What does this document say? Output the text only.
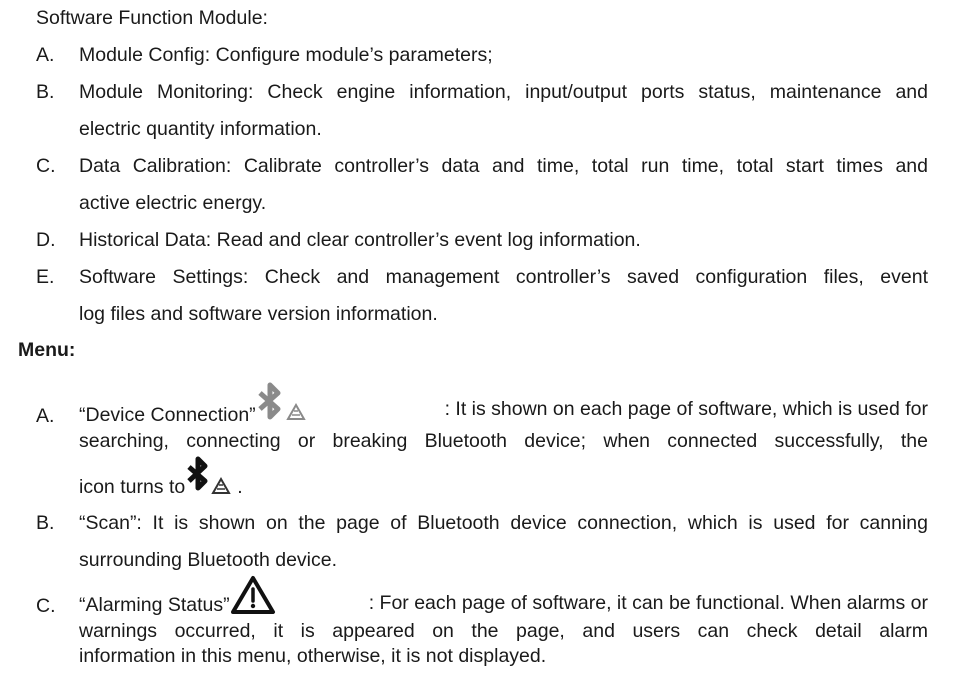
Software Function Module:
A.	Module Config: Configure module’s parameters;
B.	Module Monitoring: Check engine information, input/output ports status, maintenance and
electric quantity information.
C.	Data Calibration: Calibrate controller’s data and time, total run time, total start times and
active electric energy.
D.	Historical Data: Read and clear controller’s event log information.
E.	Software Settings: Check and management controller’s saved configuration files, event
log files and software version information.
Menu:
A.	“Device Connection”	: It is shown on each page of software, which is used for
searching, connecting or breaking Bluetooth device; when connected successfully, the
icon turns to	.
B.	“Scan”: It is shown on the page of Bluetooth device connection, which is used for canning
surrounding Bluetooth device.
C.	“Alarming Status”	: For each page of software, it can be functional. When alarms or
warnings occurred, it is appeared on the page, and users can check detail alarm
information in this menu, otherwise, it is not displayed.
